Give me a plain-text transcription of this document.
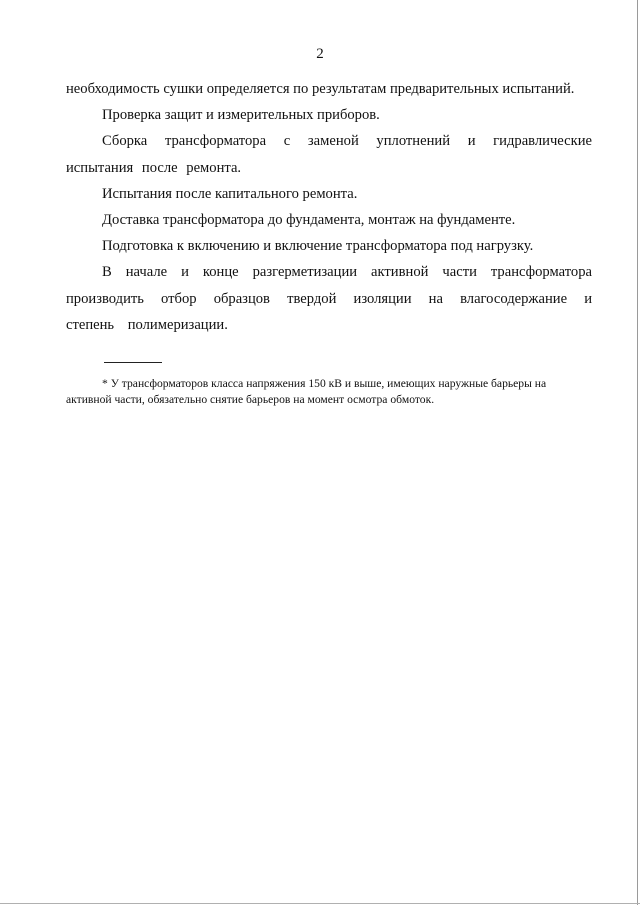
2

необходимость сушки определяется по результатам предварительных испытаний.

Проверка защит и измерительных приборов.

Сборка трансформатора с заменой уплотнений и гидравлические испытания после ремонта.

Испытания после капитального ремонта.

Доставка трансформатора до фундамента, монтаж на фундаменте.

Подготовка к включению и включение трансформатора под нагрузку.

В начале и конце разгерметизации активной части трансформатора производить отбор образцов твердой изоляции на влагосодержание и степень полимеризации.

* У трансформаторов класса напряжения 150 кВ и выше, имеющих наружные барьеры на активной части, обязательно снятие барьеров на момент осмотра обмоток.
